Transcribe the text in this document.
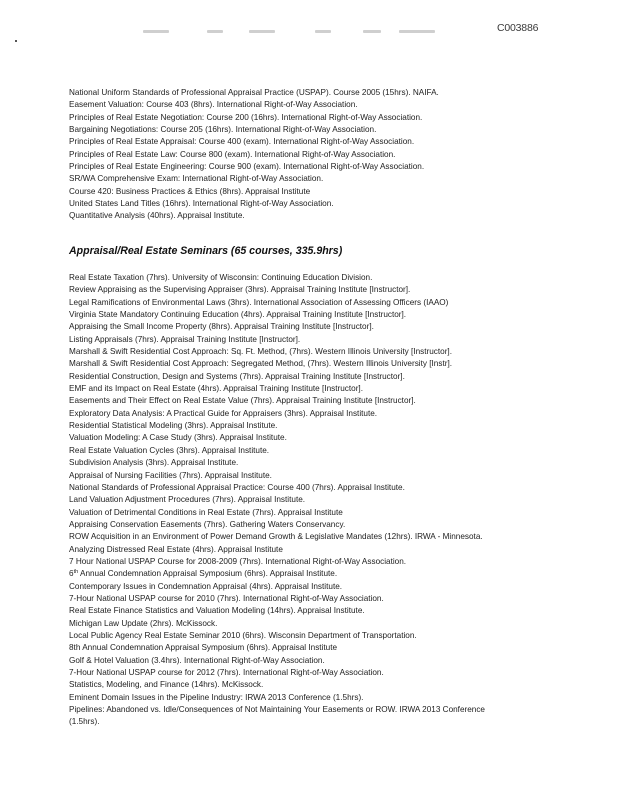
C003886
National Uniform Standards of Professional Appraisal Practice (USPAP). Course 2005 (15hrs). NAIFA.
Easement Valuation: Course 403 (8hrs). International Right-of-Way Association.
Principles of Real Estate Negotiation: Course 200 (16hrs). International Right-of-Way Association.
Bargaining Negotiations: Course 205 (16hrs). International Right-of-Way Association.
Principles of Real Estate Appraisal: Course 400 (exam). International Right-of-Way Association.
Principles of Real Estate Law: Course 800 (exam). International Right-of-Way Association.
Principles of Real Estate Engineering: Course 900 (exam). International Right-of-Way Association.
SR/WA Comprehensive Exam: International Right-of-Way Association.
Course 420: Business Practices & Ethics (8hrs). Appraisal Institute
United States Land Titles (16hrs). International Right-of-Way Association.
Quantitative Analysis (40hrs). Appraisal Institute.
Appraisal/Real Estate Seminars (65 courses, 335.9hrs)
Real Estate Taxation (7hrs). University of Wisconsin: Continuing Education Division.
Review Appraising as the Supervising Appraiser (3hrs). Appraisal Training Institute [Instructor].
Legal Ramifications of Environmental Laws (3hrs). International Association of Assessing Officers (IAAO)
Virginia State Mandatory Continuing Education (4hrs). Appraisal Training Institute [Instructor].
Appraising the Small Income Property (8hrs). Appraisal Training Institute [Instructor].
Listing Appraisals (7hrs). Appraisal Training Institute [Instructor].
Marshall & Swift Residential Cost Approach: Sq. Ft. Method, (7hrs). Western Illinois University [Instructor].
Marshall & Swift Residential Cost Approach: Segregated Method, (7hrs). Western Illinois University [Instr].
Residential Construction, Design and Systems (7hrs). Appraisal Training Institute [Instructor].
EMF and its Impact on Real Estate (4hrs). Appraisal Training Institute [Instructor].
Easements and Their Effect on Real Estate Value (7hrs). Appraisal Training Institute [Instructor].
Exploratory Data Analysis: A Practical Guide for Appraisers (3hrs). Appraisal Institute.
Residential Statistical Modeling (3hrs). Appraisal Institute.
Valuation Modeling: A Case Study (3hrs). Appraisal Institute.
Real Estate Valuation Cycles (3hrs). Appraisal Institute.
Subdivision Analysis (3hrs). Appraisal Institute.
Appraisal of Nursing Facilities (7hrs). Appraisal Institute.
National Standards of Professional Appraisal Practice: Course 400 (7hrs). Appraisal Institute.
Land Valuation Adjustment Procedures (7hrs). Appraisal Institute.
Valuation of Detrimental Conditions in Real Estate (7hrs). Appraisal Institute
Appraising Conservation Easements (7hrs). Gathering Waters Conservancy.
ROW Acquisition in an Environment of Power Demand Growth & Legislative Mandates (12hrs). IRWA - Minnesota.
Analyzing Distressed Real Estate (4hrs). Appraisal Institute
7 Hour National USPAP Course for 2008-2009 (7hrs). International Right-of-Way Association.
6th Annual Condemnation Appraisal Symposium (6hrs). Appraisal Institute.
Contemporary Issues in Condemnation Appraisal (4hrs). Appraisal Institute.
7-Hour National USPAP course for 2010 (7hrs). International Right-of-Way Association.
Real Estate Finance Statistics and Valuation Modeling (14hrs). Appraisal Institute.
Michigan Law Update (2hrs). McKissock.
Local Public Agency Real Estate Seminar 2010 (6hrs). Wisconsin Department of Transportation.
8th Annual Condemnation Appraisal Symposium (6hrs). Appraisal Institute
Golf & Hotel Valuation (3.4hrs). International Right-of-Way Association.
7-Hour National USPAP course for 2012 (7hrs). International Right-of-Way Association.
Statistics, Modeling, and Finance (14hrs). McKissock.
Eminent Domain Issues in the Pipeline Industry: IRWA 2013 Conference (1.5hrs).
Pipelines: Abandoned vs. Idle/Consequences of Not Maintaining Your Easements or ROW. IRWA 2013 Conference
(1.5hrs).
